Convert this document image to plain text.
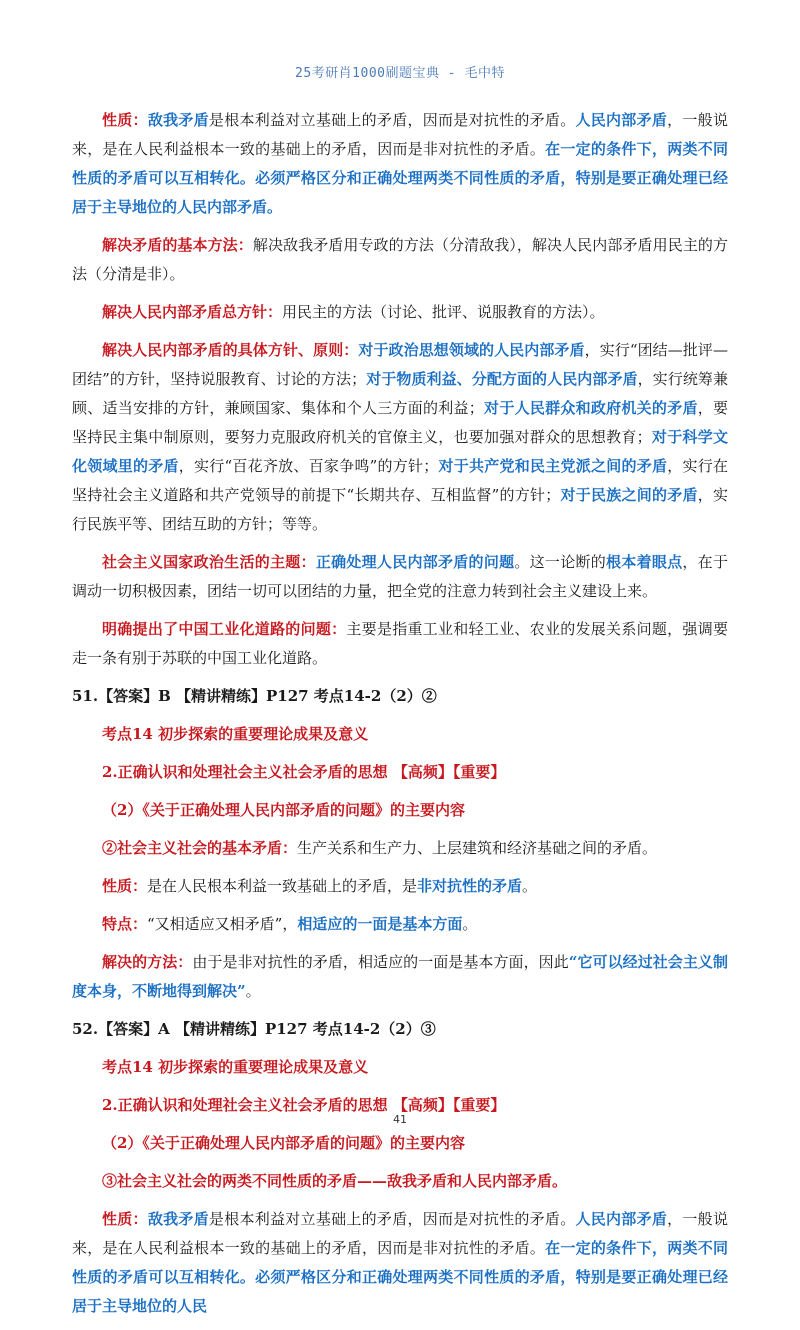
25考研肖1000刷题宝典 - 毛中特

性质：敌我矛盾是根本利益对立基础上的矛盾，因而是对抗性的矛盾。人民内部矛盾，一般说来，是在人民利益根本一致的基础上的矛盾，因而是非对抗性的矛盾。在一定的条件下，两类不同性质的矛盾可以互相转化。必须严格区分和正确处理两类不同性质的矛盾，特别是要正确处理已经居于主导地位的人民内部矛盾。

解决矛盾的基本方法：解决敌我矛盾用专政的方法（分清敌我），解决人民内部矛盾用民主的方法（分清是非）。

解决人民内部矛盾总方针：用民主的方法（讨论、批评、说服教育的方法）。

解决人民内部矛盾的具体方针、原则：对于政治思想领域的人民内部矛盾，实行“团结—批评—团结”的方针，坚持说服教育、讨论的方法；对于物质利益、分配方面的人民内部矛盾，实行统筹兼顾、适当安排的方针，兼顾国家、集体和个人三方面的利益；对于人民群众和政府机关的矛盾，要坚持民主集中制原则，要努力克服政府机关的官僚主义，也要加强对群众的思想教育；对于科学文化领域里的矛盾，实行“百花齐放、百家争鸣”的方针；对于共产党和民主党派之间的矛盾，实行在坚持社会主义道路和共产党领导的前提下“长期共存、互相监督”的方针；对于民族之间的矛盾，实行民族平等、团结互助的方针；等等。

社会主义国家政治生活的主题：正确处理人民内部矛盾的问题。这一论断的根本着眼点，在于调动一切积极因素，团结一切可以团结的力量，把全党的注意力转到社会主义建设上来。

明确提出了中国工业化道路的问题：主要是指重工业和轻工业、农业的发展关系问题，强调要走一条有别于苏联的中国工业化道路。

51.【答案】B 【精讲精练】P127 考点14-2（2）②

考点14 初步探索的重要理论成果及意义

2.正确认识和处理社会主义社会矛盾的思想 【高频】【重要】

（2）《关于正确处理人民内部矛盾的问题》的主要内容

②社会主义社会的基本矛盾：生产关系和生产力、上层建筑和经济基础之间的矛盾。

性质：是在人民根本利益一致基础上的矛盾，是非对抗性的矛盾。

特点：“又相适应又相矛盾”，相适应的一面是基本方面。

解决的方法：由于是非对抗性的矛盾，相适应的一面是基本方面，因此“它可以经过社会主义制度本身，不断地得到解决”。

52.【答案】A 【精讲精练】P127 考点14-2（2）③

考点14 初步探索的重要理论成果及意义

2.正确认识和处理社会主义社会矛盾的思想 【高频】【重要】

（2）《关于正确处理人民内部矛盾的问题》的主要内容

③社会主义社会的两类不同性质的矛盾——敌我矛盾和人民内部矛盾。

性质：敌我矛盾是根本利益对立基础上的矛盾，因而是对抗性的矛盾。人民内部矛盾，一般说来，是在人民利益根本一致的基础上的矛盾，因而是非对抗性的矛盾。在一定的条件下，两类不同性质的矛盾可以互相转化。必须严格区分和正确处理两类不同性质的矛盾，特别是要正确处理已经居于主导地位的人民

41
